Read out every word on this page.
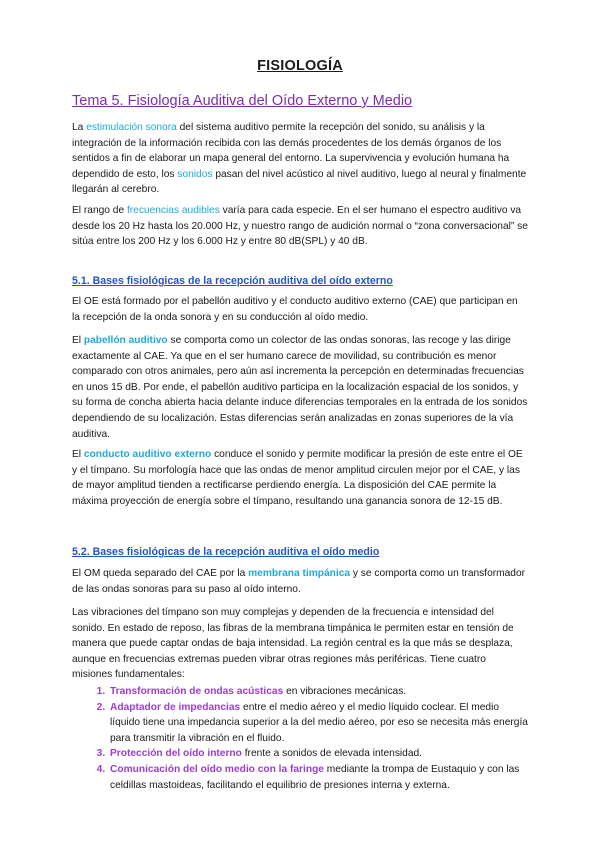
FISIOLOGÍA
Tema 5. Fisiología Auditiva del Oído Externo y Medio
La estimulación sonora del sistema auditivo permite la recepción del sonido, su análisis y la integración de la información recibida con las demás procedentes de los demás órganos de los sentidos a fin de elaborar un mapa general del entorno. La supervivencia y evolución humana ha dependido de esto, los sonidos pasan del nivel acústico al nivel auditivo, luego al neural y finalmente llegarán al cerebro.
El rango de frecuencias audibles varía para cada especie. En el ser humano el espectro auditivo va desde los 20 Hz hasta los 20.000 Hz, y nuestro rango de audición normal o “zona conversacional” se sitúa entre los 200 Hz y los 6.000 Hz y entre 80 dB(SPL) y 40 dB.
5.1. Bases fisiológicas de la recepción auditiva del oído externo
El OE está formado por el pabellón auditivo y el conducto auditivo externo (CAE) que participan en la recepción de la onda sonora y en su conducción al oído medio.
El pabellón auditivo se comporta como un colector de las ondas sonoras, las recoge y las dirige exactamente al CAE. Ya que en el ser humano carece de movilidad, su contribución es menor comparado con otros animales, pero aún así incrementa la percepción en determinadas frecuencias en unos 15 dB. Por ende, el pabellón auditivo participa en la localización espacial de los sonidos, y su forma de concha abierta hacia delante induce diferencias temporales en la entrada de los sonidos dependiendo de su localización. Estas diferencias serán analizadas en zonas superiores de la vía auditiva.
El conducto auditivo externo conduce el sonido y permite modificar la presión de este entre el OE y el tímpano. Su morfología hace que las ondas de menor amplitud circulen mejor por el CAE, y las de mayor amplitud tienden a rectificarse perdiendo energía. La disposición del CAE permite la máxima proyección de energía sobre el tímpano, resultando una ganancia sonora de 12-15 dB.
5.2. Bases fisiológicas de la recepción auditiva el oído medio
El OM queda separado del CAE por la membrana timpánica y se comporta como un transformador de las ondas sonoras para su paso al oído interno.
Las vibraciones del tímpano son muy complejas y dependen de la frecuencia e intensidad del sonido. En estado de reposo, las fibras de la membrana timpánica le permiten estar en tensión de manera que puede captar ondas de baja intensidad. La región central es la que más se desplaza, aunque en frecuencias extremas pueden vibrar otras regiones más periféricas. Tiene cuatro misiones fundamentales:
1. Transformación de ondas acústicas en vibraciones mecánicas.
2. Adaptador de impedancias entre el medio aéreo y el medio líquido coclear. El medio líquido tiene una impedancia superior a la del medio aéreo, por eso se necesita más energía para transmitir la vibración en el fluido.
3. Protección del oído interno frente a sonidos de elevada intensidad.
4. Comunicación del oído medio con la faringe mediante la trompa de Eustaquio y con las celdillas mastoideas, facilitando el equilibrio de presiones interna y externa.
